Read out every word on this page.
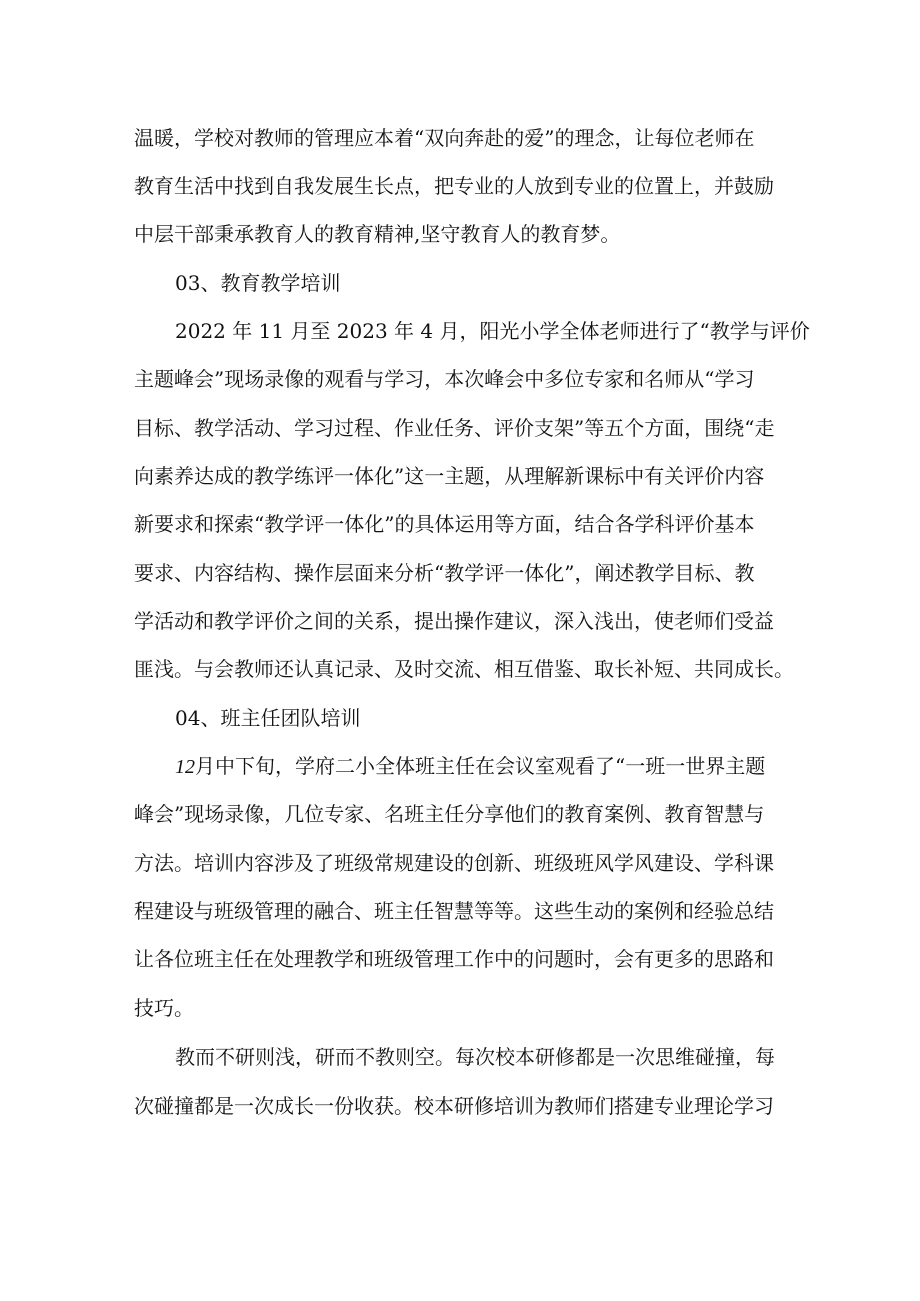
温暖，学校对教师的管理应本着“双向奔赴的爱”的理念，让每位老师在
教育生活中找到自我发展生长点，把专业的人放到专业的位置上，并鼓励
中层干部秉承教育人的教育精神,坚守教育人的教育梦。
03、教育教学培训
2022 年 11 月至 2023 年 4 月，阳光小学全体老师进行了“教学与评价
主题峰会”现场录像的观看与学习，本次峰会中多位专家和名师从“学习
目标、教学活动、学习过程、作业任务、评价支架”等五个方面，围绕“走
向素养达成的教学练评一体化”这一主题，从理解新课标中有关评价内容
新要求和探索“教学评一体化”的具体运用等方面，结合各学科评价基本
要求、内容结构、操作层面来分析“教学评一体化”，阐述教学目标、教
学活动和教学评价之间的关系，提出操作建议，深入浅出，使老师们受益
匪浅。与会教师还认真记录、及时交流、相互借鉴、取长补短、共同成长。
04、班主任团队培训
12月中下旬，学府二小全体班主任在会议室观看了“一班一世界主题
峰会”现场录像，几位专家、名班主任分享他们的教育案例、教育智慧与
方法。培训内容涉及了班级常规建设的创新、班级班风学风建设、学科课
程建设与班级管理的融合、班主任智慧等等。这些生动的案例和经验总结
让各位班主任在处理教学和班级管理工作中的问题时，会有更多的思路和
技巧。
教而不研则浅，研而不教则空。每次校本研修都是一次思维碰撞，每
次碰撞都是一次成长一份收获。校本研修培训为教师们搭建专业理论学习
